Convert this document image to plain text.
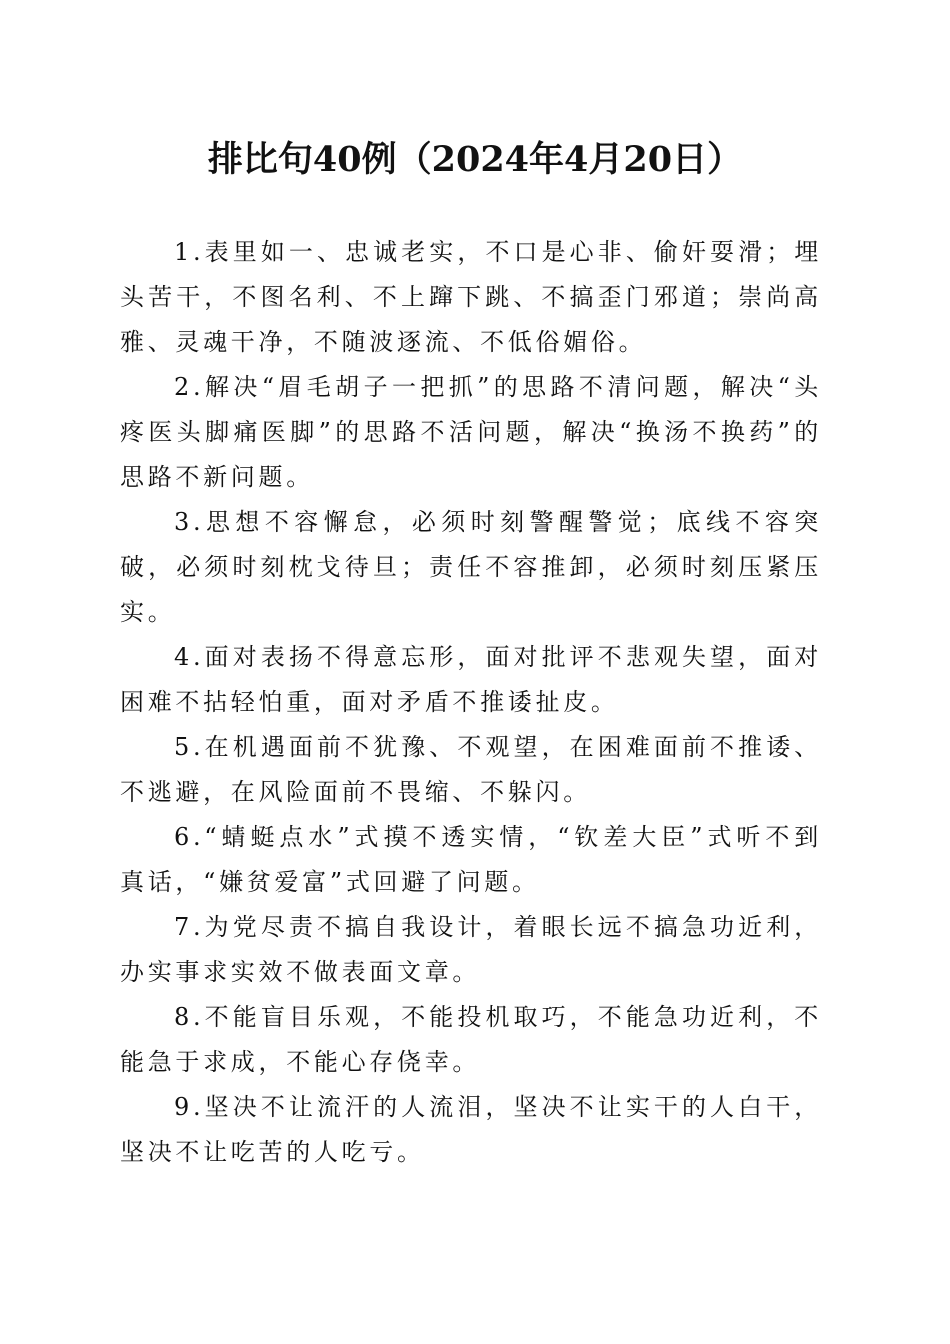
排比句40例（2024年4月20日）

1.表里如一、忠诚老实，不口是心非、偷奸耍滑；埋头苦干，不图名利、不上蹿下跳、不搞歪门邪道；崇尚高雅、灵魂干净，不随波逐流、不低俗媚俗。

2.解决“眉毛胡子一把抓”的思路不清问题，解决“头疼医头脚痛医脚”的思路不活问题，解决“换汤不换药”的思路不新问题。

3.思想不容懈怠，必须时刻警醒警觉；底线不容突破，必须时刻枕戈待旦；责任不容推卸，必须时刻压紧压实。

4.面对表扬不得意忘形，面对批评不悲观失望，面对困难不拈轻怕重，面对矛盾不推诿扯皮。

5.在机遇面前不犹豫、不观望，在困难面前不推诿、不逃避，在风险面前不畏缩、不躲闪。

6.“蜻蜓点水”式摸不透实情，“钦差大臣”式听不到真话，“嫌贫爱富”式回避了问题。

7.为党尽责不搞自我设计，着眼长远不搞急功近利，办实事求实效不做表面文章。

8.不能盲目乐观，不能投机取巧，不能急功近利，不能急于求成，不能心存侥幸。

9.坚决不让流汗的人流泪，坚决不让实干的人白干，坚决不让吃苦的人吃亏。
